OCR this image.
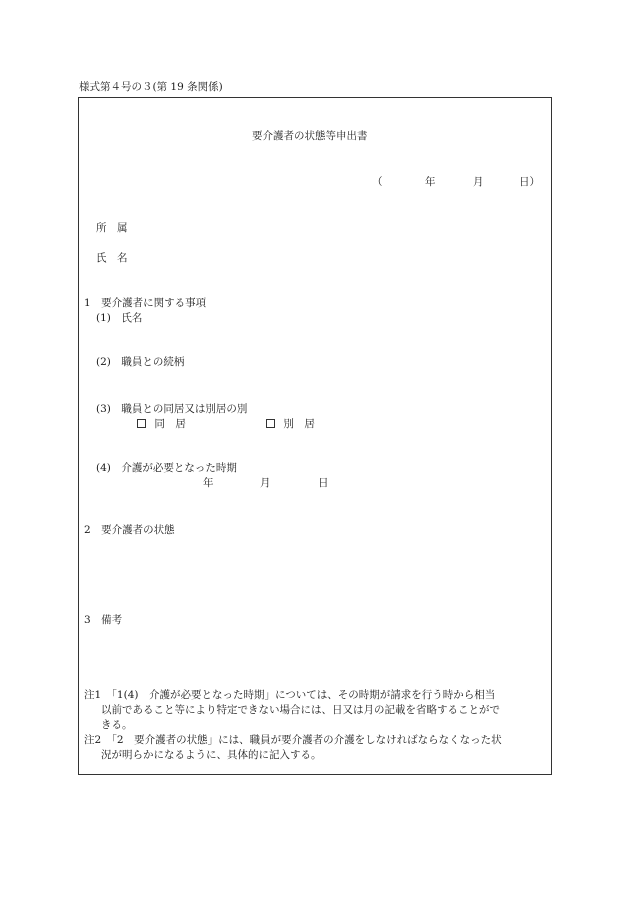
様式第４号の３(第 19 条関係)
要介護者の状態等申出書
（	年	月	日）
所　属
氏　名
1　要介護者に関する事項
(1)　氏名
(2)　職員との続柄
(3)　職員との同居又は別居の別
同　居	別　居
(4)　介護が必要となった時期
年	月	日
2　要介護者の状態
3　備考
注1　「1(4)　介護が必要となった時期」については、その時期が請求を行う時から相当
以前であること等により特定できない場合には、日又は月の記載を省略することがで
きる。
注2　「2　要介護者の状態」には、職員が要介護者の介護をしなければならなくなった状
況が明らかになるように、具体的に記入する。
